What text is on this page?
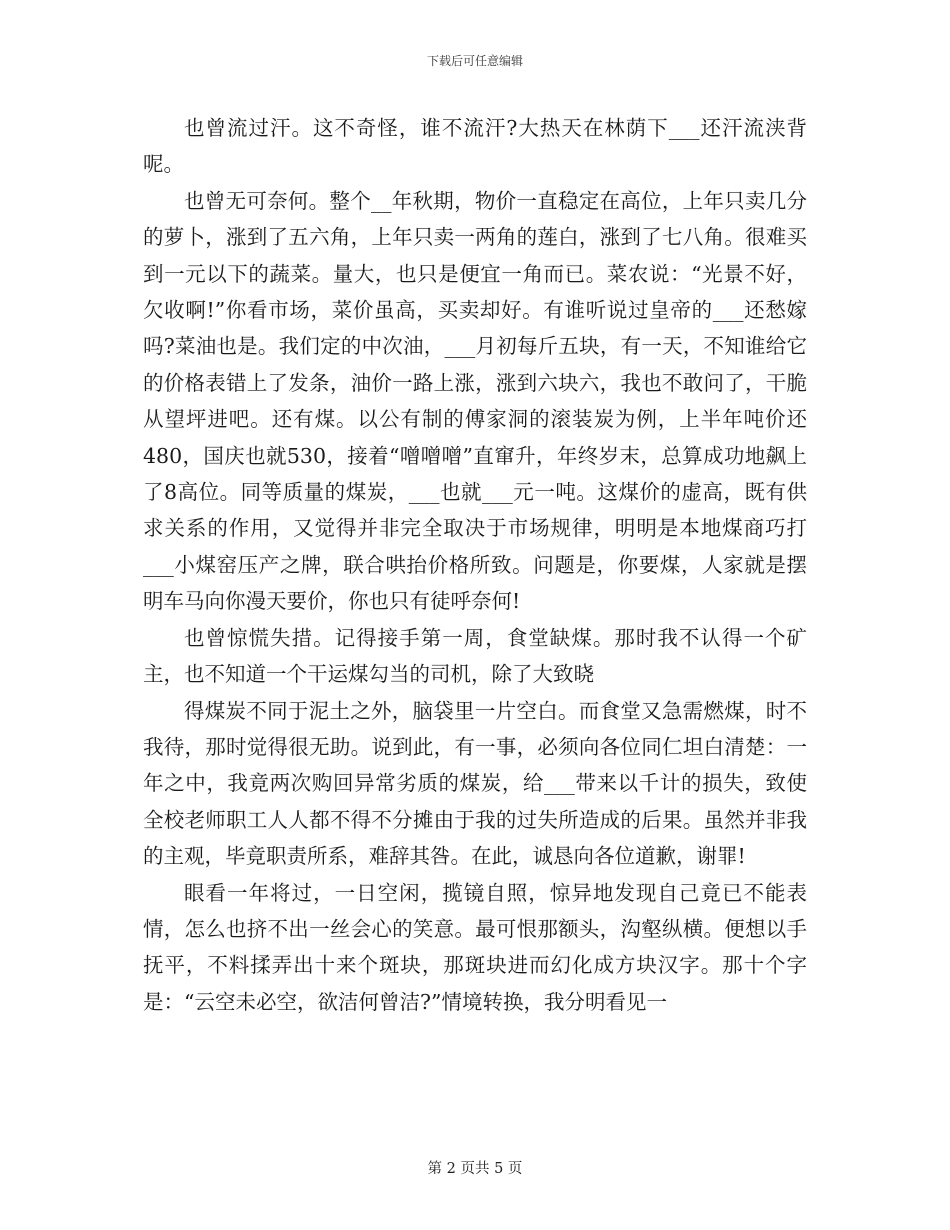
下载后可任意编辑

也曾流过汗。这不奇怪，谁不流汗?大热天在林荫下___还汗流浃背呢。

也曾无可奈何。整个__年秋期，物价一直稳定在高位，上年只卖几分的萝卜，涨到了五六角，上年只卖一两角的莲白，涨到了七八角。很难买到一元以下的蔬菜。量大，也只是便宜一角而已。菜农说：“光景不好，欠收啊!”你看市场，菜价虽高，买卖却好。有谁听说过皇帝的___还愁嫁吗?菜油也是。我们定的中次油，___月初每斤五块，有一天，不知谁给它的价格表错上了发条，油价一路上涨，涨到六块六，我也不敢问了，干脆从望坪进吧。还有煤。以公有制的傅家洞的滚装炭为例，上半年吨价还480，国庆也就530，接着“噌噌噌”直窜升，年终岁末，总算成功地飙上了8高位。同等质量的煤炭，___也就___元一吨。这煤价的虚高，既有供求关系的作用，又觉得并非完全取决于市场规律，明明是本地煤商巧打___小煤窑压产之牌，联合哄抬价格所致。问题是，你要煤，人家就是摆明车马向你漫天要价，你也只有徒呼奈何!

也曾惊慌失措。记得接手第一周，食堂缺煤。那时我不认得一个矿主，也不知道一个干运煤勾当的司机，除了大致晓

得煤炭不同于泥土之外，脑袋里一片空白。而食堂又急需燃煤，时不我待，那时觉得很无助。说到此，有一事，必须向各位同仁坦白清楚：一年之中，我竟两次购回异常劣质的煤炭，给___带来以千计的损失，致使全校老师职工人人都不得不分摊由于我的过失所造成的后果。虽然并非我的主观，毕竟职责所系，难辞其咎。在此，诚恳向各位道歉，谢罪!

眼看一年将过，一日空闲，揽镜自照，惊异地发现自己竟已不能表情，怎么也挤不出一丝会心的笑意。最可恨那额头，沟壑纵横。便想以手抚平，不料揉弄出十来个斑块，那斑块进而幻化成方块汉字。那十个字是：“云空未必空，欲洁何曾洁?”情境转换，我分明看见一

第 2 页共 5 页
